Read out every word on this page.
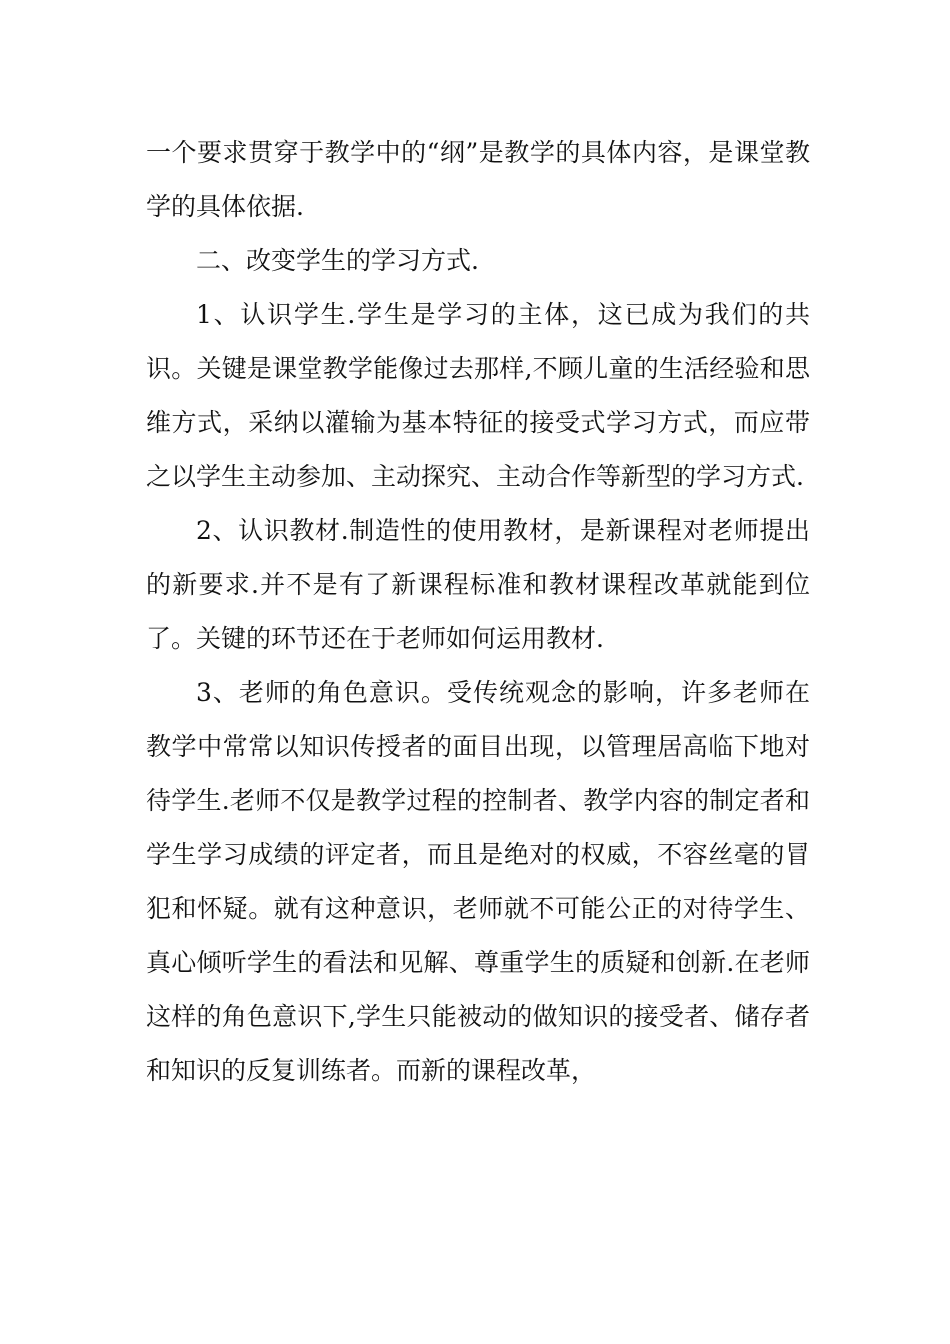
一个要求贯穿于教学中的“纲”是教学的具体内容，是课堂教学的具体依据.

二、改变学生的学习方式.

1、认识学生.学生是学习的主体，这已成为我们的共识。关键是课堂教学能像过去那样,不顾儿童的生活经验和思维方式，采纳以灌输为基本特征的接受式学习方式，而应带之以学生主动参加、主动探究、主动合作等新型的学习方式.

2、认识教材.制造性的使用教材，是新课程对老师提出的新要求.并不是有了新课程标准和教材课程改革就能到位了。关键的环节还在于老师如何运用教材.

3、老师的角色意识。受传统观念的影响，许多老师在教学中常常以知识传授者的面目出现，以管理居高临下地对待学生.老师不仅是教学过程的控制者、教学内容的制定者和学生学习成绩的评定者，而且是绝对的权威，不容丝毫的冒犯和怀疑。就有这种意识，老师就不可能公正的对待学生、真心倾听学生的看法和见解、尊重学生的质疑和创新.在老师这样的角色意识下,学生只能被动的做知识的接受者、储存者和知识的反复训练者。而新的课程改革，
